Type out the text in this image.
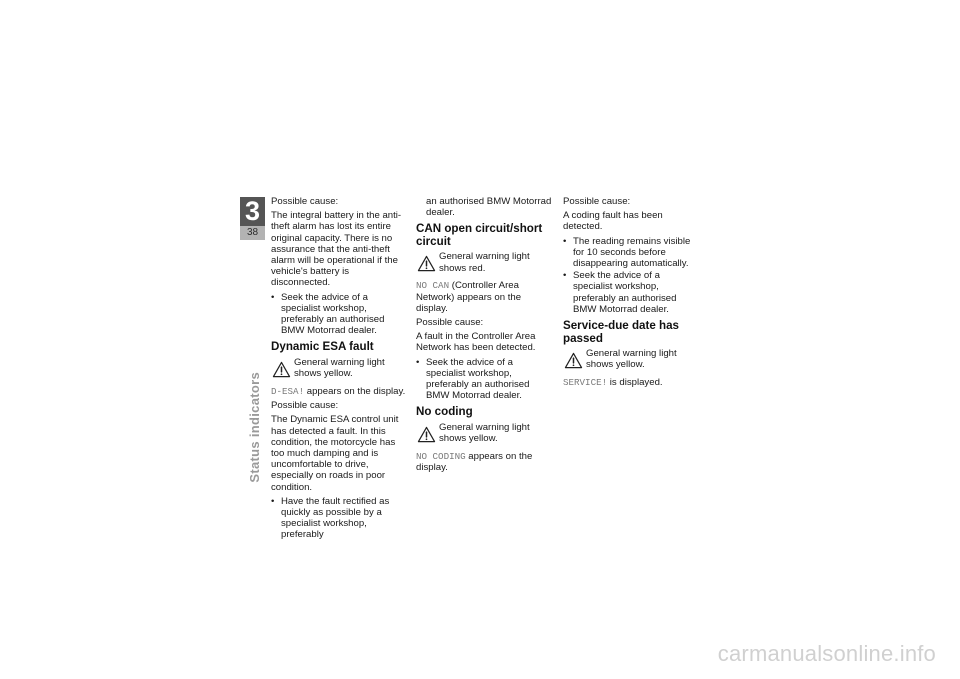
3
38
Status indicators

Possible cause:

The integral battery in the anti-theft alarm has lost its entire original capacity. There is no assurance that the anti-theft alarm will be operational if the vehicle's battery is disconnected.

• Seek the advice of a specialist workshop, preferably an authorised BMW Motorrad dealer.
Dynamic ESA fault
General warning light shows yellow.

D-ESA! appears on the display.

Possible cause:

The Dynamic ESA control unit has detected a fault. In this condition, the motorcycle has too much damping and is uncomfortable to drive, especially on roads in poor condition.

• Have the fault rectified as quickly as possible by a specialist workshop, preferably
an authorised BMW Motorrad dealer.
CAN open circuit/short circuit
General warning light shows red.

NO CAN (Controller Area Network) appears on the display.

Possible cause:

A fault in the Controller Area Network has been detected.

• Seek the advice of a specialist workshop, preferably an authorised BMW Motorrad dealer.
No coding
General warning light shows yellow.

NO CODING appears on the display.

Possible cause:

A coding fault has been detected.

• The reading remains visible for 10 seconds before disappearing automatically.
• Seek the advice of a specialist workshop, preferably an authorised BMW Motorrad dealer.
Service-due date has passed
General warning light shows yellow.

SERVICE! is displayed.

carmanualsonline.info
